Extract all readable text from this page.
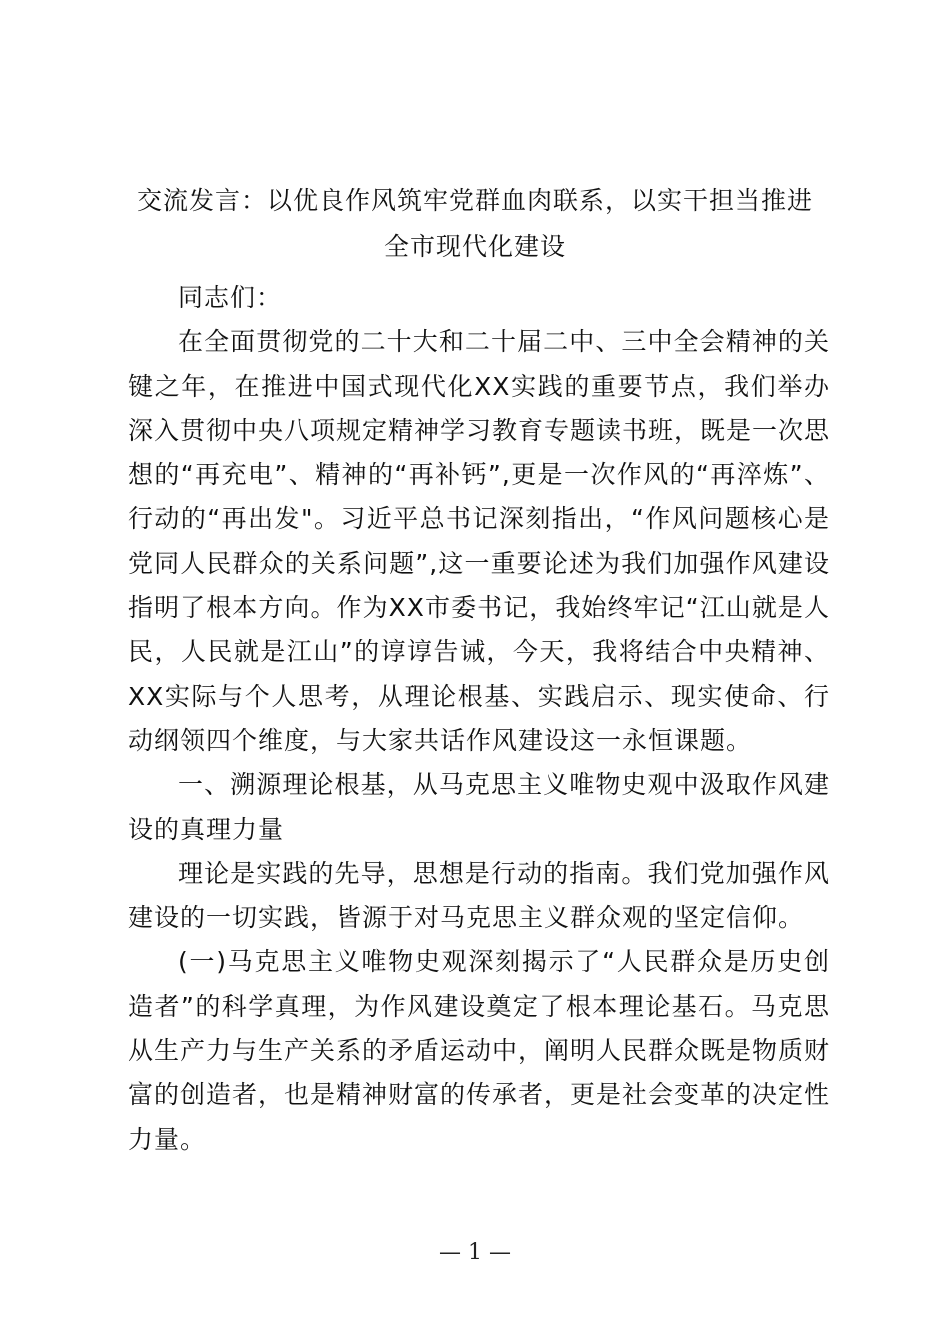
交流发言：以优良作风筑牢党群血肉联系，以实干担当推进全市现代化建设

同志们：

在全面贯彻党的二十大和二十届二中、三中全会精神的关键之年，在推进中国式现代化XX实践的重要节点，我们举办深入贯彻中央八项规定精神学习教育专题读书班，既是一次思想的“再充电”、精神的“再补钙”,更是一次作风的“再淬炼”、行动的“再出发"。习近平总书记深刻指出，“作风问题核心是党同人民群众的关系问题”,这一重要论述为我们加强作风建设指明了根本方向。作为XX市委书记，我始终牢记“江山就是人民，人民就是江山”的谆谆告诫，今天，我将结合中央精神、XX实际与个人思考，从理论根基、实践启示、现实使命、行动纲领四个维度，与大家共话作风建设这一永恒课题。

一、溯源理论根基，从马克思主义唯物史观中汲取作风建设的真理力量

理论是实践的先导，思想是行动的指南。我们党加强作风建设的一切实践，皆源于对马克思主义群众观的坚定信仰。

(一)马克思主义唯物史观深刻揭示了“人民群众是历史创造者”的科学真理，为作风建设奠定了根本理论基石。马克思从生产力与生产关系的矛盾运动中，阐明人民群众既是物质财富的创造者，也是精神财富的传承者，更是社会变革的决定性力量。

— 1 —
